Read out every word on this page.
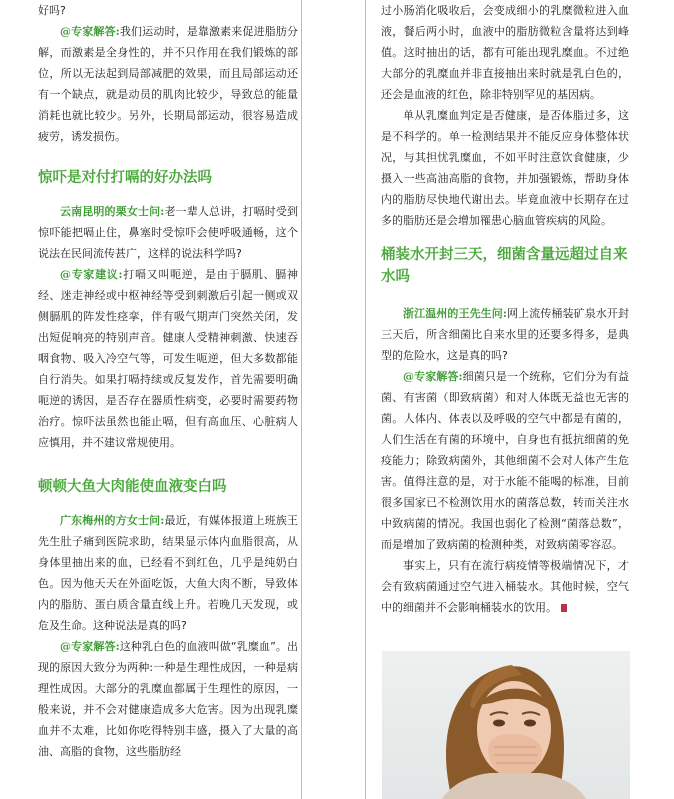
好吗?

@专家解答:我们运动时，是靠激素来促进脂肪分解，而激素是全身性的，并不只作用在我们锻炼的部位，所以无法起到局部减肥的效果，而且局部运动还有一个缺点，就是动员的肌肉比较少，导致总的能量消耗也就比较少。另外，长期局部运动，很容易造成疲劳，诱发损伤。

惊吓是对付打嗝的好办法吗

云南昆明的栗女士问:老一辈人总讲，打嗝时受到惊吓能把嗝止住，鼻塞时受惊吓会使呼吸通畅，这个说法在民间流传甚广，这样的说法科学吗?

@专家建议:打嗝又叫呃逆，是由于膈肌、膈神经、迷走神经或中枢神经等受到刺激后引起一侧或双侧膈肌的阵发性痉挛，伴有吸气期声门突然关闭，发出短促响亮的特别声音。健康人受精神刺激、快速吞咽食物、吸入冷空气等，可发生呃逆，但大多数都能自行消失。如果打嗝持续或反复发作，首先需要明确呃逆的诱因，是否存在器质性病变，必要时需要药物治疗。惊吓法虽然也能止嗝，但有高血压、心脏病人应慎用，并不建议常规使用。

顿顿大鱼大肉能使血液变白吗

广东梅州的方女士问:最近，有媒体报道上班族王先生肚子痛到医院求助，结果显示体内血脂很高，从身体里抽出来的血，已经看不到红色，几乎是纯奶白色。因为他天天在外面吃饭，大鱼大肉不断，导致体内的脂肪、蛋白质含量直线上升。若晚几天发现，或危及生命。这种说法是真的吗?

@专家解答:这种乳白色的血液叫做“乳糜血”。出现的原因大致分为两种:一种是生理性成因，一种是病理性成因。大部分的乳糜血都属于生理性的原因，一般来说，并不会对健康造成多大危害。因为出现乳糜血并不太难，比如你吃得特别丰盛，摄入了大量的高油、高脂的食物，这些脂肪经

过小肠消化吸收后，会变成细小的乳糜微粒进入血液，餐后两小时，血液中的脂肪微粒含量将达到峰值。这时抽出的话，都有可能出现乳糜血。不过绝大部分的乳糜血并非直接抽出来时就是乳白色的，还会是血液的红色，除非特别罕见的基因病。

单从乳糜血判定是否健康，是否体脂过多，这是不科学的。单一检测结果并不能反应身体整体状况，与其担忧乳糜血，不如平时注意饮食健康，少摄入一些高油高脂的食物，并加强锻炼，帮助身体内的脂肪尽快地代谢出去。毕竟血液中长期存在过多的脂肪还是会增加罹患心脑血管疾病的风险。

桶装水开封三天，细菌含量远超过自来水吗

浙江温州的王先生问:网上流传桶装矿泉水开封三天后，所含细菌比自来水里的还要多得多，是典型的危险水，这是真的吗?

@专家解答:细菌只是一个统称，它们分为有益菌、有害菌（即致病菌）和对人体既无益也无害的菌。人体内、体表以及呼吸的空气中都是有菌的，人们生活在有菌的环境中，自身也有抵抗细菌的免疫能力；除致病菌外，其他细菌不会对人体产生危害。值得注意的是，对于水能不能喝的标准，目前很多国家已不检测饮用水的菌落总数，转而关注水中致病菌的情况。我国也弱化了检测“菌落总数”，而是增加了致病菌的检测种类，对致病菌零容忍。

事实上，只有在流行病疫情等极端情况下，才会有致病菌通过空气进入桶装水。其他时候，空气中的细菌并不会影响桶装水的饮用。
